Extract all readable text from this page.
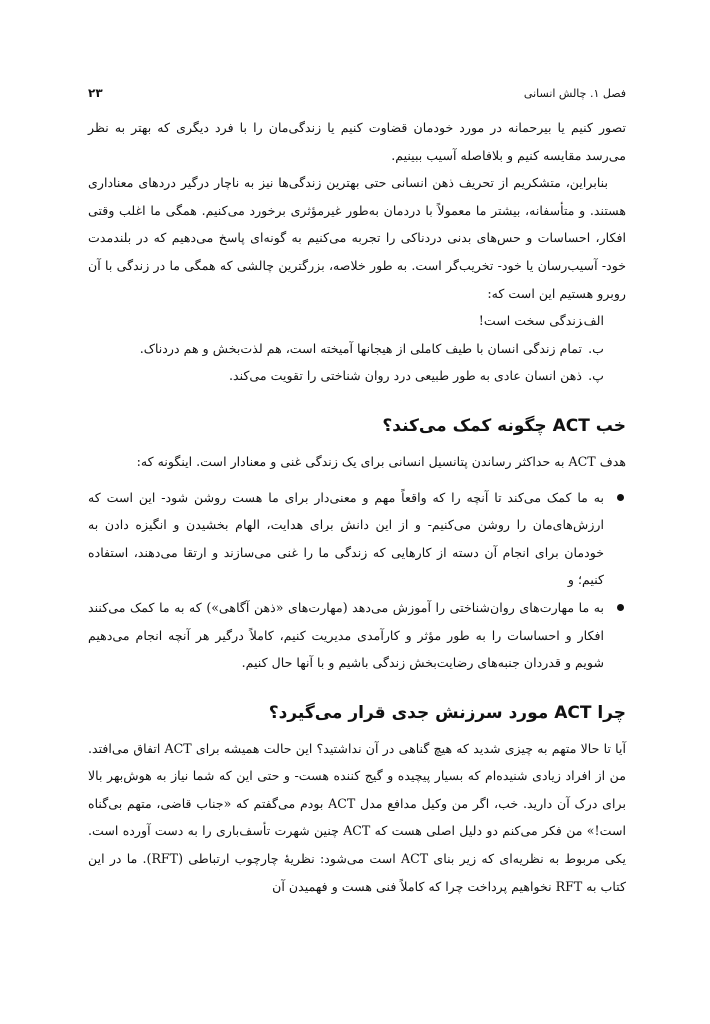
فصل ۱. چالش انسانی
۲۳

تصور کنیم یا بیرحمانه در مورد خودمان قضاوت کنیم یا زندگی‌مان را با فرد دیگری که بهتر به نظر می‌رسد مقایسه کنیم و بلافاصله آسیب ببینیم.

بنابراین، متشکریم از تحریف ذهن انسانی حتی بهترین زندگی‌ها نیز به ناچار درگیر دردهای معناداری هستند. و متأسفانه، بیشتر ما معمولاً با دردمان به‌طور غیرمؤثری برخورد می‌کنیم. همگی ما اغلب وقتی افکار، احساسات و حس‌های بدنی دردناکی را تجربه می‌کنیم به گونه‌ای پاسخ می‌دهیم که در بلندمدت خود- آسیب‌رسان یا خود- تخریب‌گر است. به طور خلاصه، بزرگترین چالشی که همگی ما در زندگی با آن روبرو هستیم این است که:

الف.
زندگی سخت است!
ب.
تمام زندگی انسان با طیف کاملی از هیجانها آمیخته است، هم لذت‌بخش و هم دردناک.
پ.
ذهن انسان عادی به طور طبیعی درد روان شناختی را تقویت می‌کند.
خب ACT چگونه کمک می‌کند؟

هدف ACT به حداکثر رساندن پتانسیل انسانی برای یک زندگی غنی و معنادار است. اینگونه که:

به ما کمک می‌کند تا آنچه را که واقعاً مهم و معنی‌دار برای ما هست روشن شود- این است که ارزش‌های‌مان را روشن می‌کنیم- و از این دانش برای هدایت، الهام بخشیدن و انگیزه دادن به خودمان برای انجام آن دسته از کارهایی که زندگی ما را غنی می‌سازند و ارتقا می‌دهند، استفاده کنیم؛ و
به ما مهارت‌های روان‌شناختی را آموزش می‌دهد (مهارت‌های «ذهن آگاهی») که به ما کمک می‌کنند افکار و احساسات را به طور مؤثر و کارآمدی مدیریت کنیم، کاملاً درگیر هر آنچه انجام می‌دهیم شویم و قدردان جنبه‌های رضایت‌بخش زندگی باشیم و با آنها حال کنیم.
چرا ACT مورد سرزنش جدی قرار می‌گیرد؟

آیا تا حالا متهم به چیزی شدید که هیچ گناهی در آن نداشتید؟ این حالت همیشه برای ACT اتفاق می‌افتد. من از افراد زیادی شنیده‌ام که بسیار پیچیده و گیج کننده هست- و حتی این که شما نیاز به هوش‌بهر بالا برای درک آن دارید. خب، اگر من وکیل مدافع مدل ACT بودم می‌گفتم که «جناب قاضی، متهم بی‌گناه است!» من فکر می‌کنم دو دلیل اصلی هست که ACT چنین شهرت تأسف‌باری را به دست آورده است. یکی مربوط به نظریه‌ای که زیر بنای ACT است می‌شود: نظریۀ چارچوب ارتباطی (RFT). ما در این کتاب به RFT نخواهیم پرداخت چرا که کاملاً فنی هست و فهمیدن آن
